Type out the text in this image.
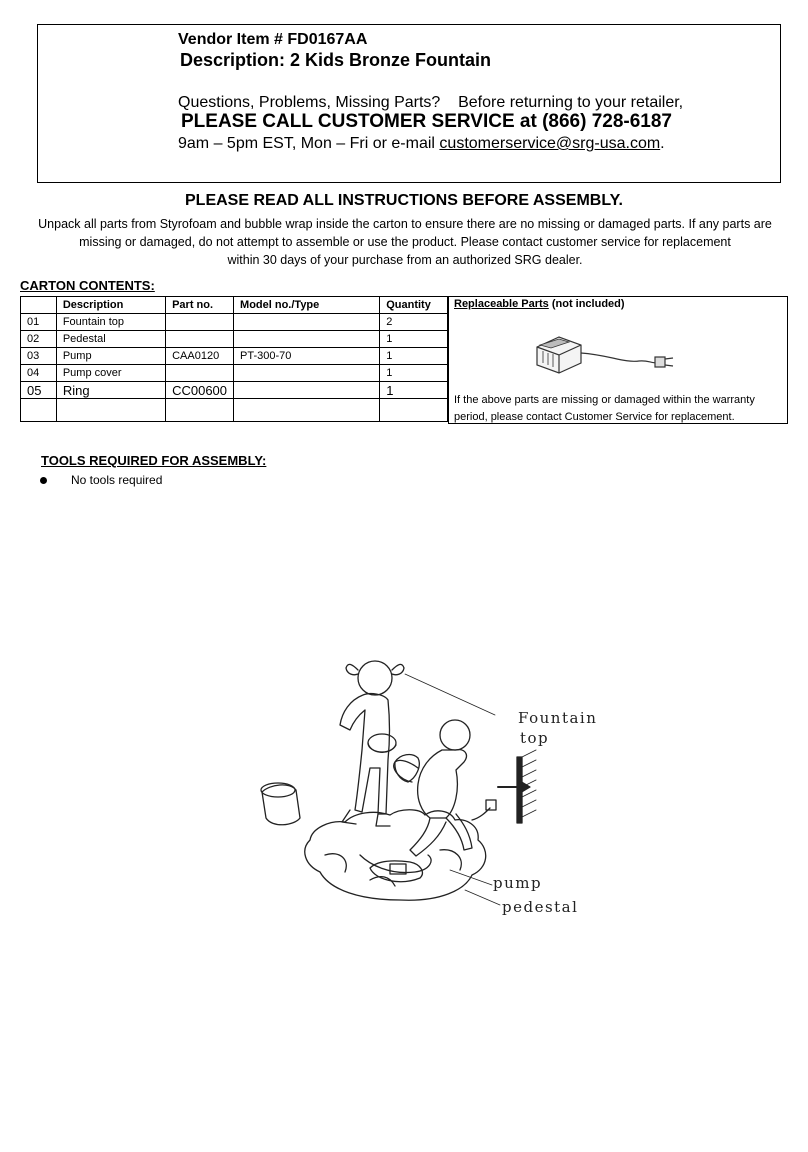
Vendor Item # FD0167AA
Description: 2 Kids Bronze Fountain
Questions, Problems, Missing Parts?    Before returning to your retailer,
PLEASE CALL CUSTOMER SERVICE at (866) 728-6187
9am – 5pm EST, Mon – Fri or e-mail customerservice@srg-usa.com.
PLEASE READ ALL INSTRUCTIONS BEFORE ASSEMBLY.
Unpack all parts from Styrofoam and bubble wrap inside the carton to ensure there are no missing or damaged parts. If any parts are
missing or damaged, do not attempt to assemble or use the product. Please contact customer service for replacement
within 30 days of your purchase from an authorized SRG dealer.
CARTON CONTENTS:
	Description	Part no.	Model no./Type	Quantity
01	Fountain top			2
02	Pedestal			1
03	Pump	CAA0120	PT-300-70	1
04	Pump cover			1
05	Ring	CC00600		1

Replaceable Parts (not included)
If the above parts are missing or damaged within the warranty period, please contact Customer Service for replacement.
TOOLS REQUIRED FOR ASSEMBLY:
No tools required
Fountain
top
pump
pedestal
